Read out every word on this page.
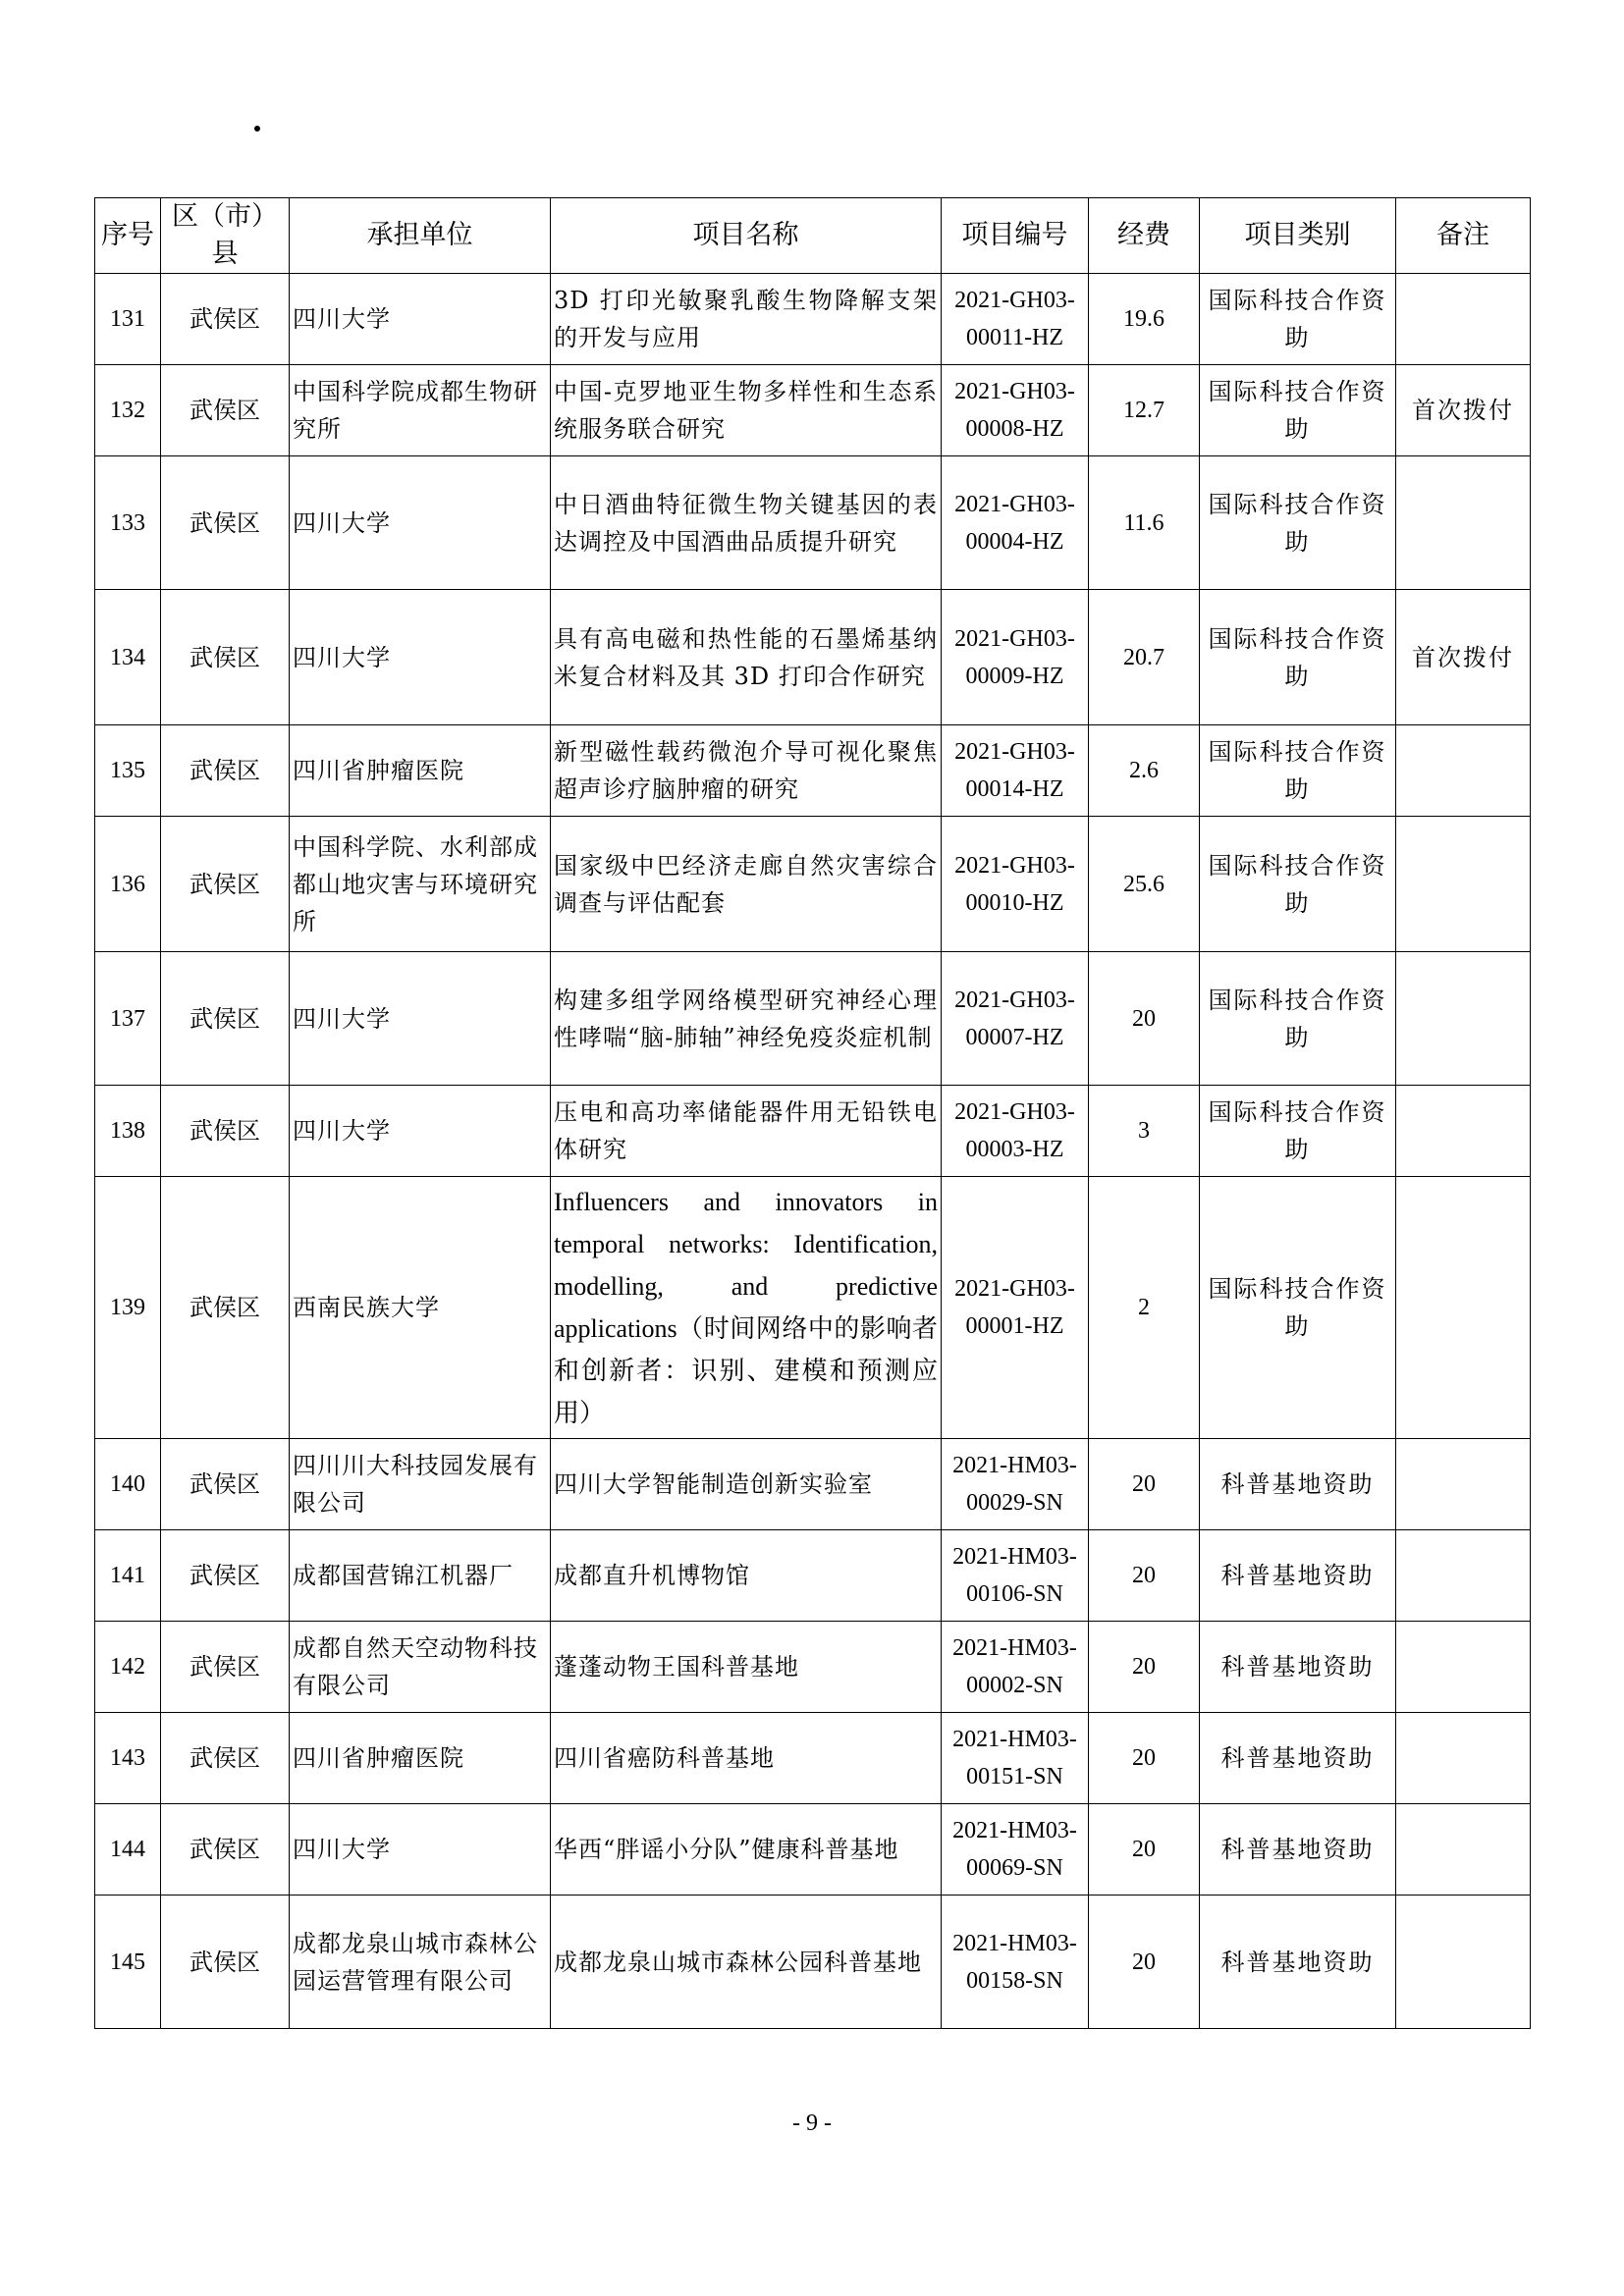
序号	区（市）县	承担单位	项目名称	项目编号	经费	项目类别	备注
131	武侯区	四川大学	3D 打印光敏聚乳酸生物降解支架的开发与应用	2021-GH03-00011-HZ	19.6	国际科技合作资助	
132	武侯区	中国科学院成都生物研究所	中国-克罗地亚生物多样性和生态系统服务联合研究	2021-GH03-00008-HZ	12.7	国际科技合作资助	首次拨付
133	武侯区	四川大学	中日酒曲特征微生物关键基因的表达调控及中国酒曲品质提升研究	2021-GH03-00004-HZ	11.6	国际科技合作资助	
134	武侯区	四川大学	具有高电磁和热性能的石墨烯基纳米复合材料及其 3D 打印合作研究	2021-GH03-00009-HZ	20.7	国际科技合作资助	首次拨付
135	武侯区	四川省肿瘤医院	新型磁性载药微泡介导可视化聚焦超声诊疗脑肿瘤的研究	2021-GH03-00014-HZ	2.6	国际科技合作资助	
136	武侯区	中国科学院、水利部成都山地灾害与环境研究所	国家级中巴经济走廊自然灾害综合调查与评估配套	2021-GH03-00010-HZ	25.6	国际科技合作资助	
137	武侯区	四川大学	构建多组学网络模型研究神经心理性哮喘“脑-肺轴”神经免疫炎症机制	2021-GH03-00007-HZ	20	国际科技合作资助	
138	武侯区	四川大学	压电和高功率储能器件用无铅铁电体研究	2021-GH03-00003-HZ	3	国际科技合作资助	
139	武侯区	西南民族大学	Influencers and innovators in temporal networks: Identification, modelling, and predictive applications（时间网络中的影响者和创新者：识别、建模和预测应用）	2021-GH03-00001-HZ	2	国际科技合作资助	
140	武侯区	四川川大科技园发展有限公司	四川大学智能制造创新实验室	2021-HM03-00029-SN	20	科普基地资助	
141	武侯区	成都国营锦江机器厂	成都直升机博物馆	2021-HM03-00106-SN	20	科普基地资助	
142	武侯区	成都自然天空动物科技有限公司	蓬蓬动物王国科普基地	2021-HM03-00002-SN	20	科普基地资助	
143	武侯区	四川省肿瘤医院	四川省癌防科普基地	2021-HM03-00151-SN	20	科普基地资助	
144	武侯区	四川大学	华西“胖谣小分队”健康科普基地	2021-HM03-00069-SN	20	科普基地资助	
145	武侯区	成都龙泉山城市森林公园运营管理有限公司	成都龙泉山城市森林公园科普基地	2021-HM03-00158-SN	20	科普基地资助	
- 9 -
